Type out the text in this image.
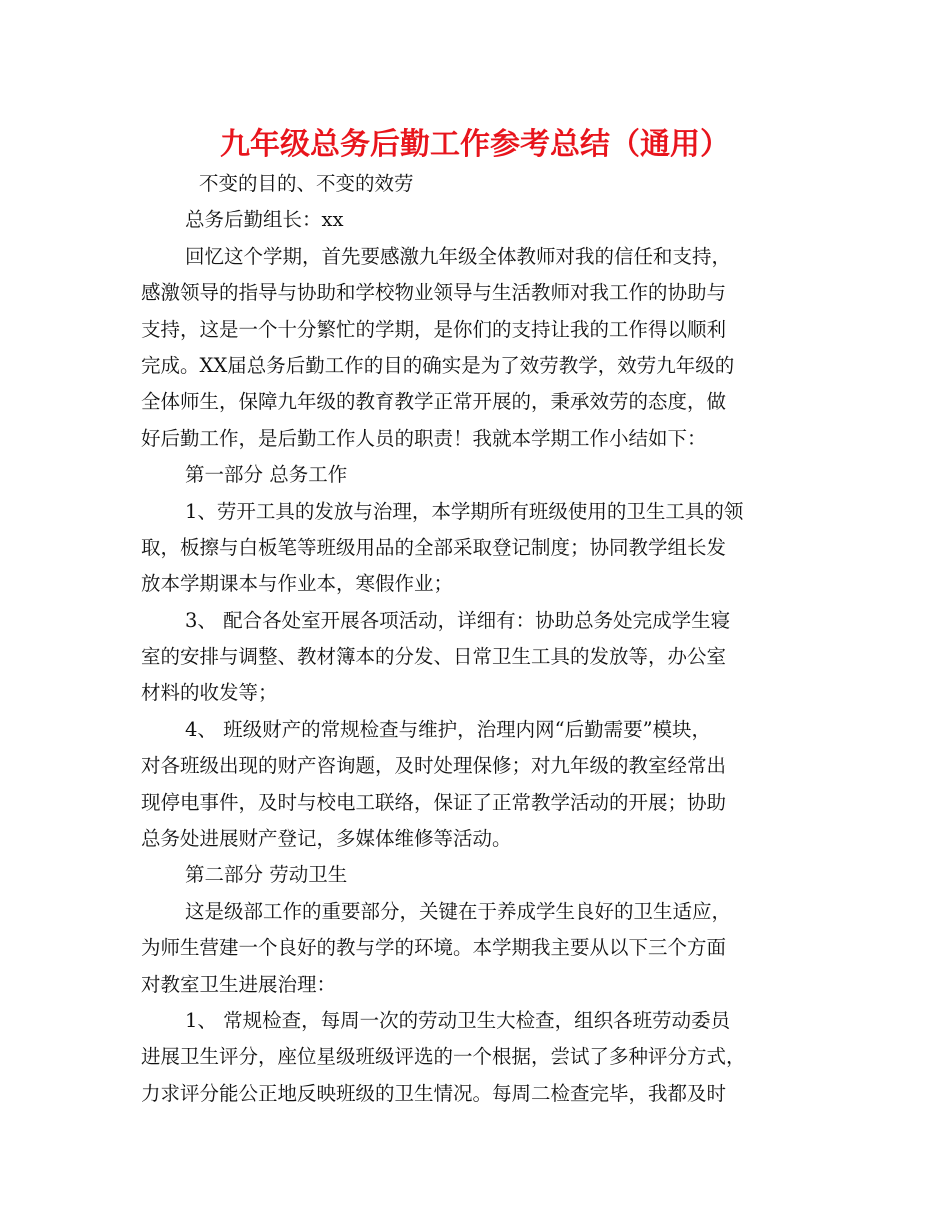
九年级总务后勤工作参考总结（通用）
不变的目的、不变的效劳
总务后勤组长：xx
回忆这个学期，首先要感激九年级全体教师对我的信任和支持，
感激领导的指导与协助和学校物业领导与生活教师对我工作的协助与
支持，这是一个十分繁忙的学期，是你们的支持让我的工作得以顺利
完成。XX届总务后勤工作的目的确实是为了效劳教学，效劳九年级的
全体师生，保障九年级的教育教学正常开展的，秉承效劳的态度，做
好后勤工作，是后勤工作人员的职责！我就本学期工作小结如下：
第一部分 总务工作
1、劳开工具的发放与治理，本学期所有班级使用的卫生工具的领
取，板擦与白板笔等班级用品的全部采取登记制度；协同教学组长发
放本学期课本与作业本，寒假作业；
3、 配合各处室开展各项活动，详细有：协助总务处完成学生寝
室的安排与调整、教材簿本的分发、日常卫生工具的发放等，办公室
材料的收发等；
4、 班级财产的常规检查与维护，治理内网“后勤需要”模块，
对各班级出现的财产咨询题，及时处理保修；对九年级的教室经常出
现停电事件，及时与校电工联络，保证了正常教学活动的开展；协助
总务处进展财产登记，多媒体维修等活动。
第二部分 劳动卫生
这是级部工作的重要部分，关键在于养成学生良好的卫生适应，
为师生营建一个良好的教与学的环境。本学期我主要从以下三个方面
对教室卫生进展治理：
1、 常规检查，每周一次的劳动卫生大检查，组织各班劳动委员
进展卫生评分，座位星级班级评选的一个根据，尝试了多种评分方式，
力求评分能公正地反映班级的卫生情况。每周二检查完毕，我都及时
